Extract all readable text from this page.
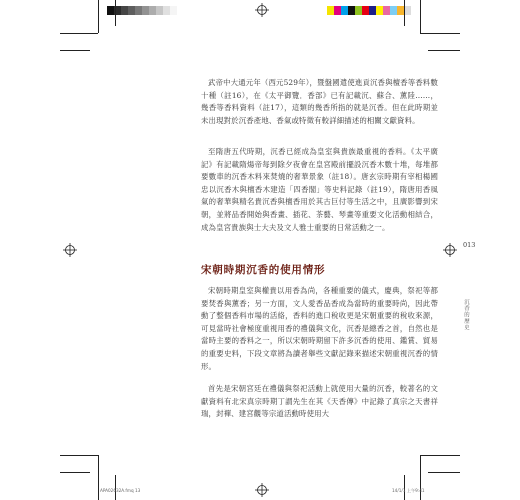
武帝中大通元年（西元529年），暨盤國遣使進貢沉香與檀香等香料數十種（註16），在《太平御覽．香部》已有記載沉、蘇合、薰陸……，幾香等香料資料（註17），這類的幾香所指的就是沉香。但在此時期並未出現對於沉香產地、香氣或特徵有較詳細描述的相關文獻資料。

至隋唐五代時期，沉香已經成為皇室與貴族最重視的香料。《太平廣記》有記載隋煬帝每到除夕夜會在皇宮殿前擺設沉香木數十堆，每堆都要數車的沉香木料來焚燒的奢華景象（註18）。唐玄宗時期有宰相楊國忠以沉香木與檀香木建造「四香閣」等史料記錄（註19），隋唐用香風氣的奢華與精名貴沉香與檀香用於其古巨付等生活之中，且廣影響到宋朝，並將品香開始與香畫、插花、茶藝、琴畫等重要文化活動相結合，成為皇宮貴族與士大夫及文人雅士重要的日常活動之一。

宋朝時期沉香的使用情形

宋朝時期皇室與權貴以用香為尚，各種重要的儀式，慶典，祭祀等都要焚香與薰香；另一方面，文人愛香品香成為當時的重要時尚，因此帶動了整個香料市場的活絡，香料的進口稅收更是宋朝重要的稅收來源，可見當時社會極度重視用香的禮儀與文化，沉香是總香之首，自然也是當時主要的香料之一，所以宋朝時期留下許多沉香的使用、鑑賞、貿易的重要史料，下段文章將為讀者舉些文獻記錄來描述宋朝重視沉香的情形。

首先是宋朝宮廷在禮儀與祭祀活動上就使用大量的沉香，較著名的文獻資料有北宋真宗時期丁謂先生在其《天香傳》中記錄了真宗之天書祥瑞，封禪、建宮觀等宗道活動時使用大

013
沉香的歷史
APA02632A.fmq 13	14/1/1 上午9:41
